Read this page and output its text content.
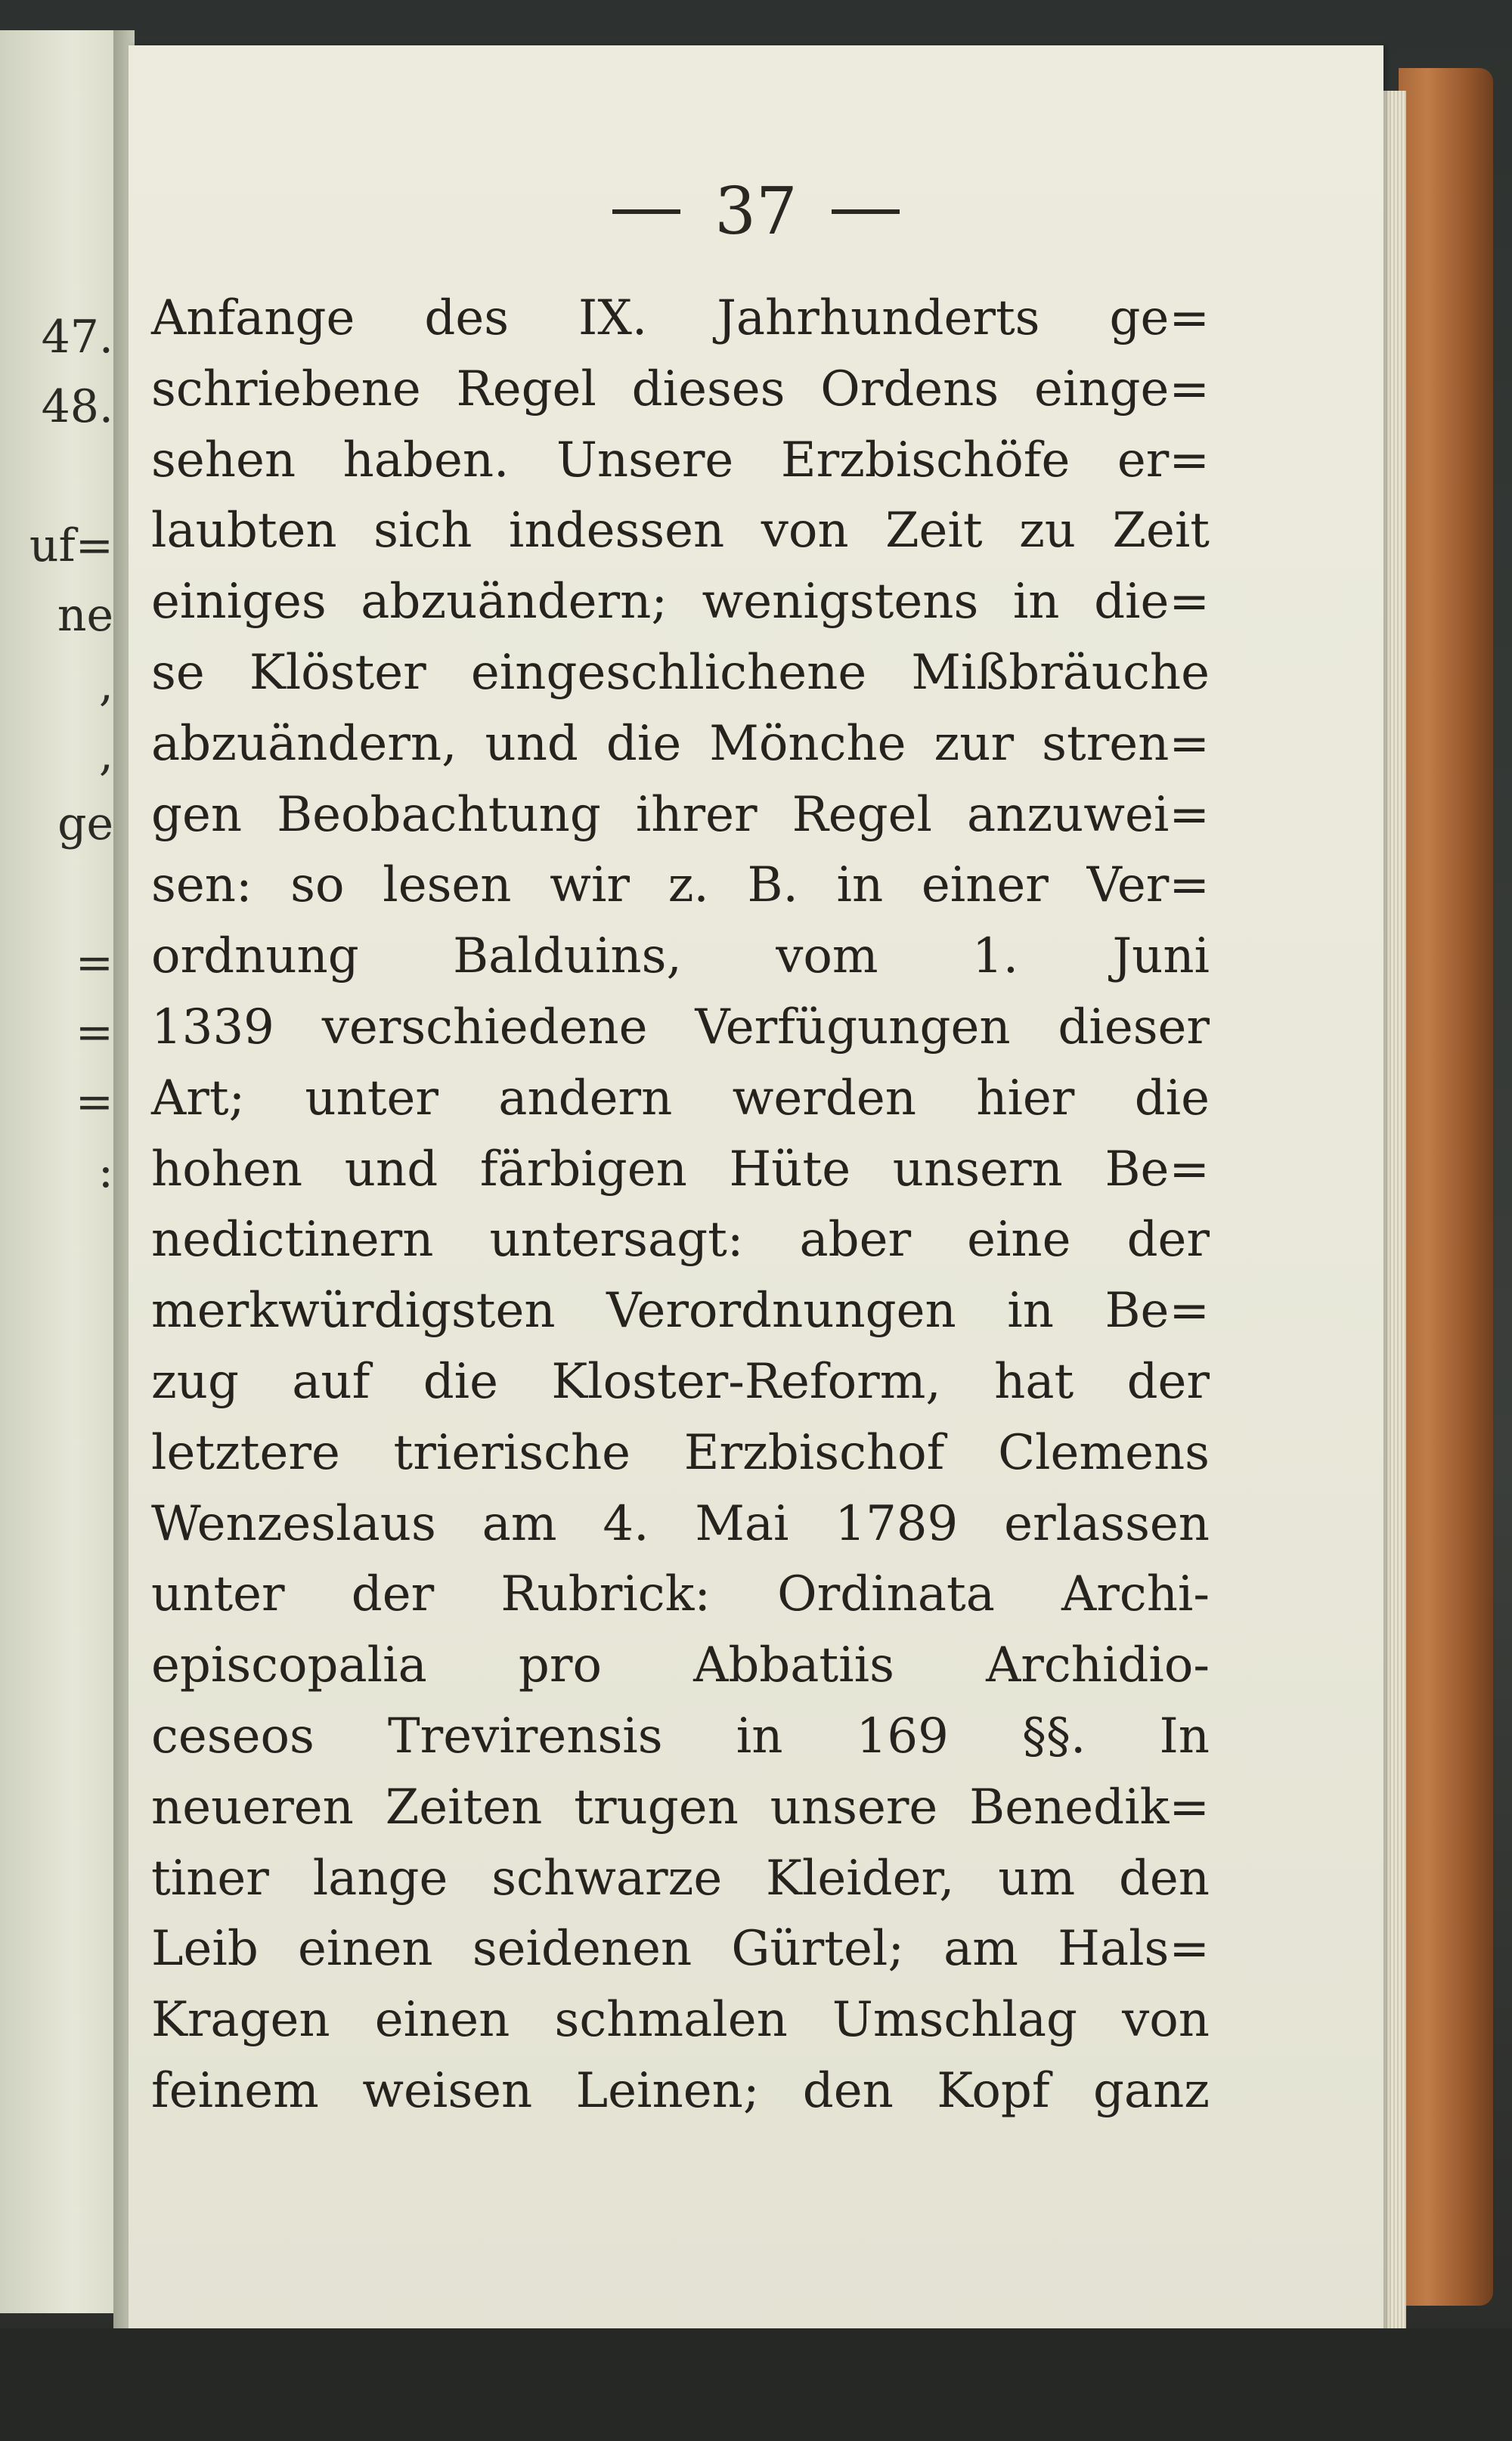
47.
48.
uf=
ne
,
,
ge
=
=
=
:
37
Anfange des IX. Jahrhunderts ge=
schriebene Regel dieses Ordens einge=
sehen haben. Unsere Erzbischöfe er=
laubten sich indessen von Zeit zu Zeit
einiges abzuändern; wenigstens in die=
se Klöster eingeschlichene Mißbräuche
abzuändern, und die Mönche zur stren=
gen Beobachtung ihrer Regel anzuwei=
sen: so lesen wir z. B. in einer Ver=
ordnung Balduins, vom 1. Juni
1339 verschiedene Verfügungen dieser
Art; unter andern werden hier die
hohen und färbigen Hüte unsern Be=
nedictinern untersagt: aber eine der
merkwürdigsten Verordnungen in Be=
zug auf die Kloster-Reform, hat der
letztere trierische Erzbischof Clemens
Wenzeslaus am 4. Mai 1789 erlassen
unter der Rubrick: Ordinata Archi-
episcopalia pro Abbatiis Archidio-
ceseos Trevirensis in 169 §§. In
neueren Zeiten trugen unsere Benedik=
tiner lange schwarze Kleider, um den
Leib einen seidenen Gürtel; am Hals=
Kragen einen schmalen Umschlag von
feinem weisen Leinen; den Kopf ganz
